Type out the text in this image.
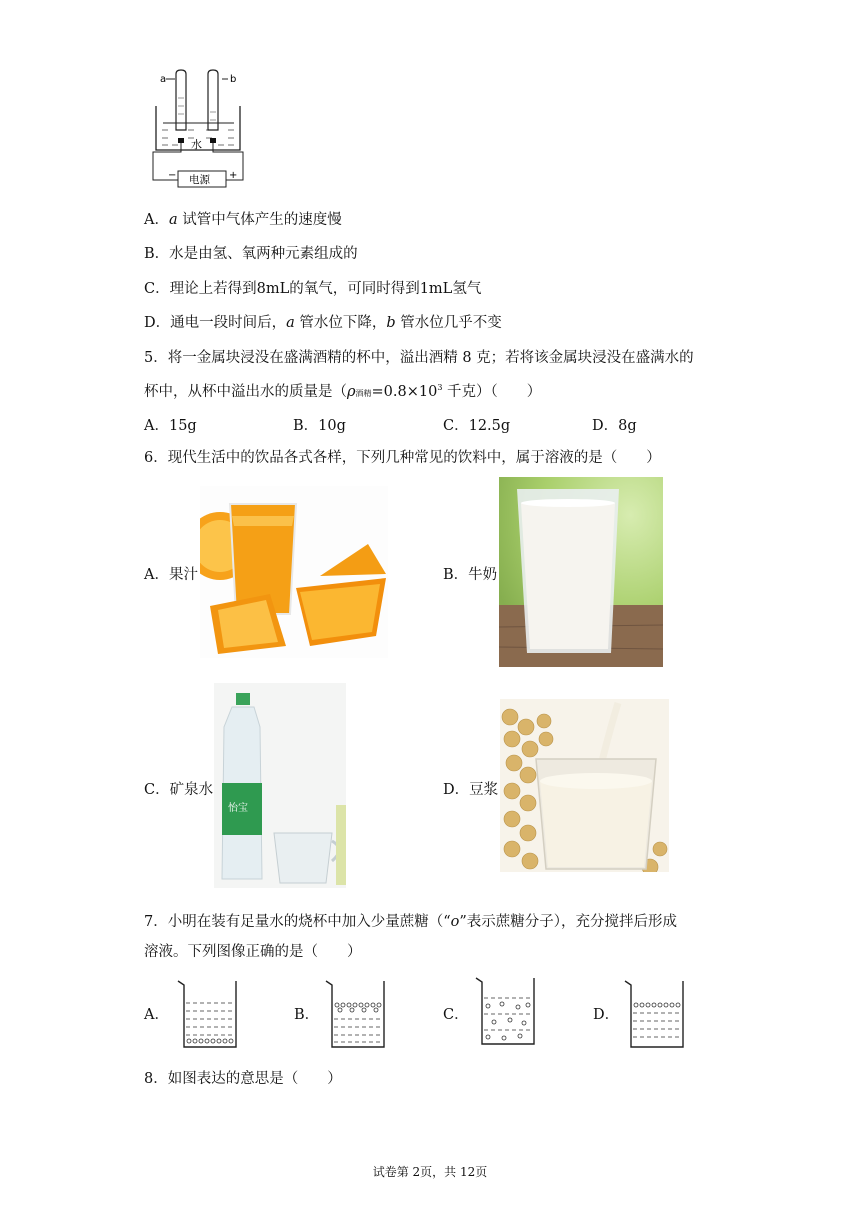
a	b
水
电源
−	+
A．a 试管中气体产生的速度慢
B．水是由氢、氧两种元素组成的
C．理论上若得到8mL的氧气，可同时得到1mL氢气
D．通电一段时间后，a 管水位下降，b 管水位几乎不变
5．将一金属块浸没在盛满酒精的杯中，溢出酒精 8 克；若将该金属块浸没在盛满水的
杯中，从杯中溢出水的质量是（ρ酒精$=0.8\times 10^3$ 千克）（　　）
A．15g	B．10g	C．12.5g	D．8g
6．现代生活中的饮品各式各样，下列几种常见的饮料中，属于溶液的是（　　）
A．果汁	B．牛奶
怡宝
C．矿泉水	D．豆浆
7．小明在装有足量水的烧杯中加入少量蔗糖（“o”表示蔗糖分子），充分搅拌后形成
溶液。下列图像正确的是（　　）
A．	B．	C．	D．
8．如图表达的意思是（　　）
试卷第 2页，共 12页
